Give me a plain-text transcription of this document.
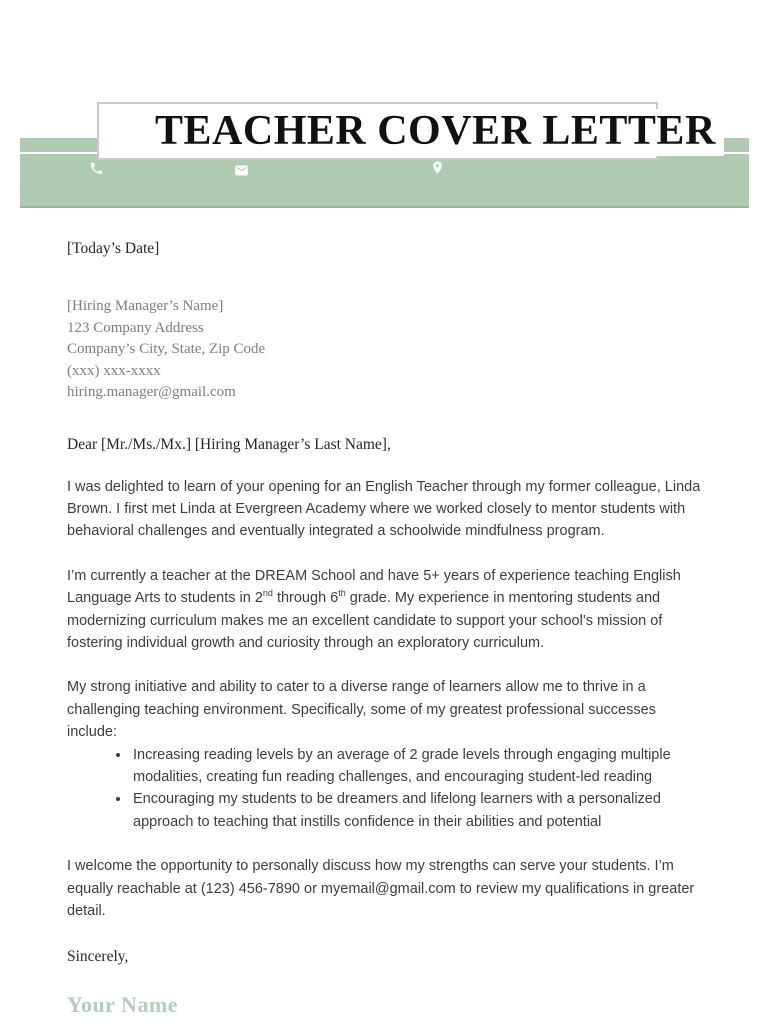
TEACHER COVER LETTER

[Today’s Date]

[Hiring Manager’s Name]

123 Company Address

Company’s City, State, Zip Code

(xxx) xxx-xxxx

hiring.manager@gmail.com

Dear [Mr./Ms./Mx.] [Hiring Manager’s Last Name],

I was delighted to learn of your opening for an English Teacher through my former colleague, Linda Brown. I first met Linda at Evergreen Academy where we worked closely to mentor students with behavioral challenges and eventually integrated a schoolwide mindfulness program.

I’m currently a teacher at the DREAM School and have 5+ years of experience teaching English Language Arts to students in 2nd through 6th grade. My experience in mentoring students and modernizing curriculum makes me an excellent candidate to support your school’s mission of fostering individual growth and curiosity through an exploratory curriculum.

My strong initiative and ability to cater to a diverse range of learners allow me to thrive in a challenging teaching environment. Specifically, some of my greatest professional successes include:

• Increasing reading levels by an average of 2 grade levels through engaging multiple modalities, creating fun reading challenges, and encouraging student-led reading
• Encouraging my students to be dreamers and lifelong learners with a personalized approach to teaching that instills confidence in their abilities and potential

I welcome the opportunity to personally discuss how my strengths can serve your students. I’m equally reachable at (123) 456-7890 or myemail@gmail.com to review my qualifications in greater detail.

Sincerely,

Your Name
